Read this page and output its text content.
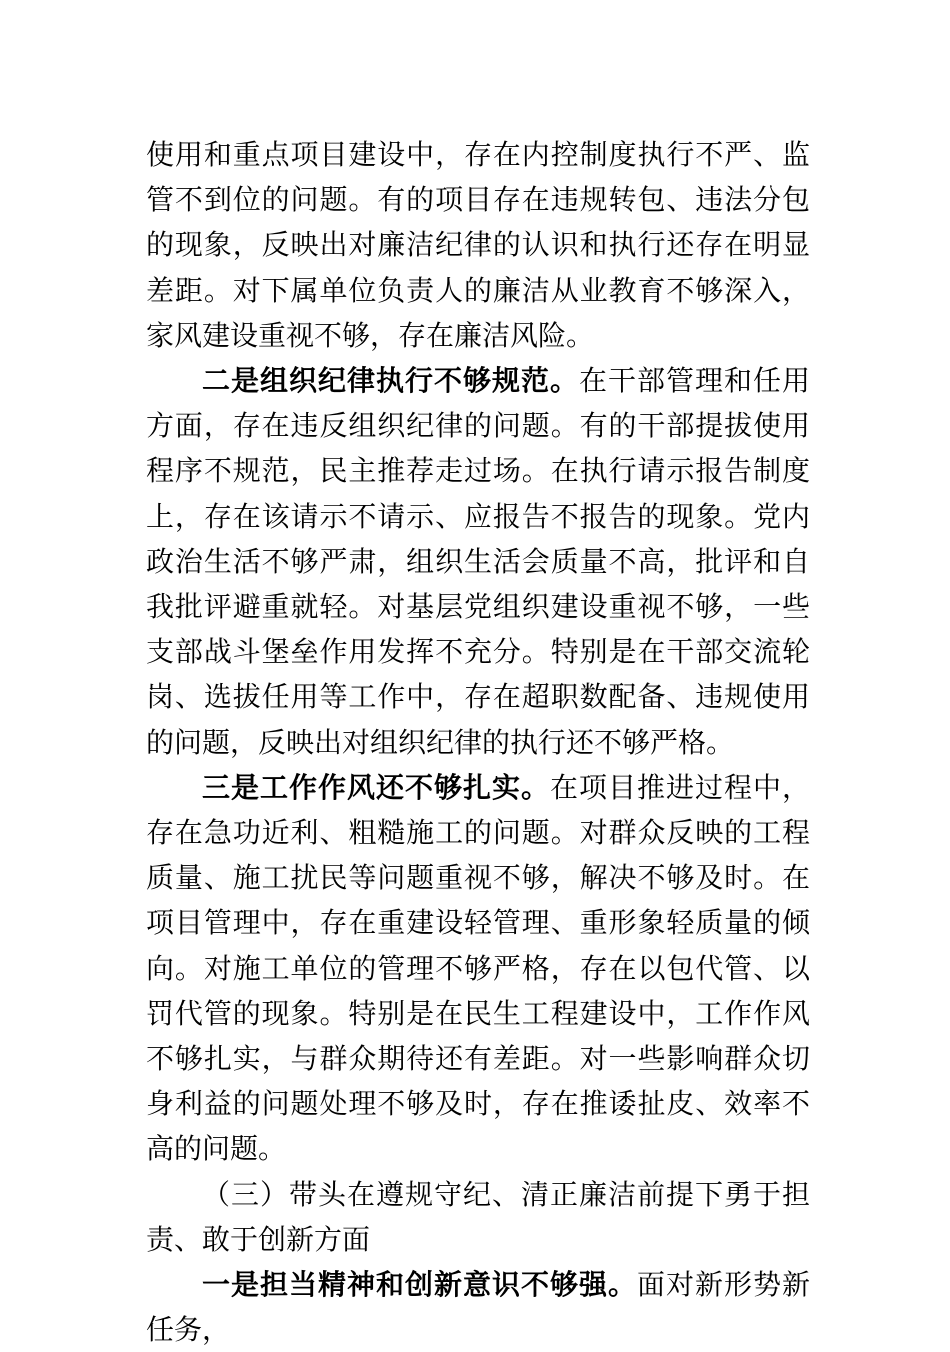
使用和重点项目建设中，存在内控制度执行不严、监管不到位的问题。有的项目存在违规转包、违法分包的现象，反映出对廉洁纪律的认识和执行还存在明显差距。对下属单位负责人的廉洁从业教育不够深入，家风建设重视不够，存在廉洁风险。

二是组织纪律执行不够规范。在干部管理和任用方面，存在违反组织纪律的问题。有的干部提拔使用程序不规范，民主推荐走过场。在执行请示报告制度上，存在该请示不请示、应报告不报告的现象。党内政治生活不够严肃，组织生活会质量不高，批评和自我批评避重就轻。对基层党组织建设重视不够，一些支部战斗堡垒作用发挥不充分。特别是在干部交流轮岗、选拔任用等工作中，存在超职数配备、违规使用的问题，反映出对组织纪律的执行还不够严格。

三是工作作风还不够扎实。在项目推进过程中，存在急功近利、粗糙施工的问题。对群众反映的工程质量、施工扰民等问题重视不够，解决不够及时。在项目管理中，存在重建设轻管理、重形象轻质量的倾向。对施工单位的管理不够严格，存在以包代管、以罚代管的现象。特别是在民生工程建设中，工作作风不够扎实，与群众期待还有差距。对一些影响群众切身利益的问题处理不够及时，存在推诿扯皮、效率不高的问题。

（三）带头在遵规守纪、清正廉洁前提下勇于担责、敢于创新方面

一是担当精神和创新意识不够强。面对新形势新任务，
